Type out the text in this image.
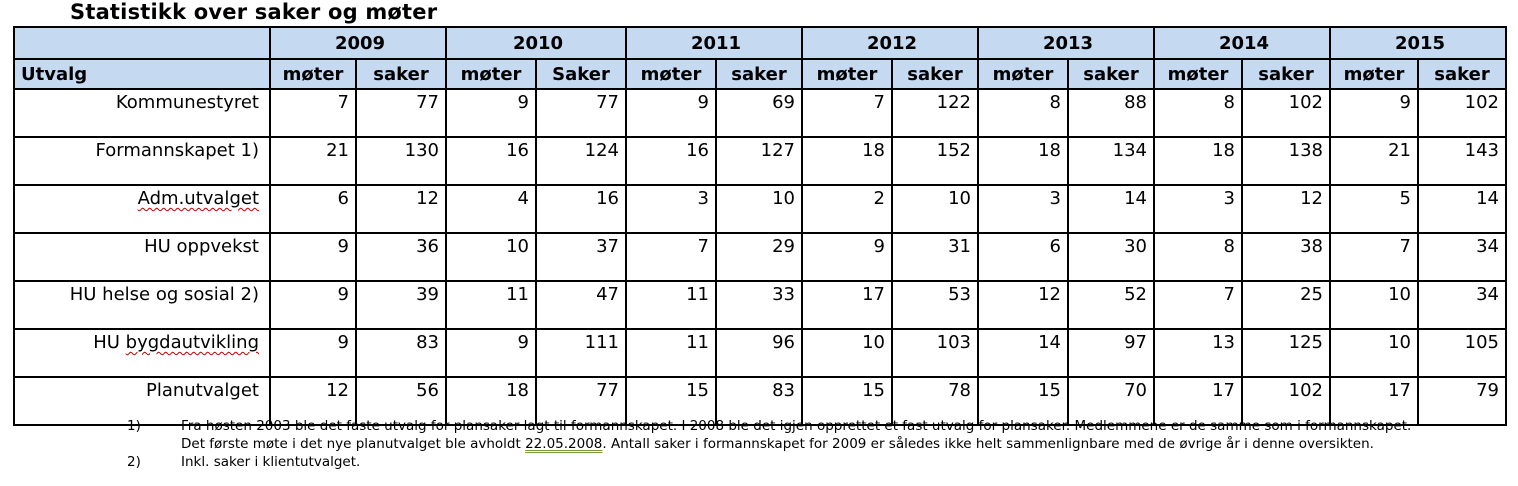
Statistikk over saker og møter
	2009		2010		2011		2012		2013		2014		2015	
Utvalg	møter	saker	møter	Saker	møter	saker	møter	saker	møter	saker	møter	saker	møter	saker
Kommunestyret	7	77	9	77	9	69	7	122	8	88	8	102	9	102
Formannskapet 1)	21	130	16	124	16	127	18	152	18	134	18	138	21	143
Adm.utvalget	6	12	4	16	3	10	2	10	3	14	3	12	5	14
HU oppvekst	9	36	10	37	7	29	9	31	6	30	8	38	7	34
HU helse og sosial 2)	9	39	11	47	11	33	17	53	12	52	7	25	10	34
HU bygdautvikling	9	83	9	111	11	96	10	103	14	97	13	125	10	105
Planutvalget	12	56	18	77	15	83	15	78	15	70	17	102	17	79
1)	Fra høsten 2003 ble det faste utvalg for plansaker lagt til formannskapet. I 2008 ble det igjen opprettet et fast utvalg for plansaker. Medlemmene er de samme som i formannskapet. Det første møte i det nye planutvalget ble avholdt 22.05.2008. Antall saker i formannskapet for 2009 er således ikke helt sammenlignbare med de øvrige år i denne oversikten.
2)	Inkl. saker i klientutvalget.
